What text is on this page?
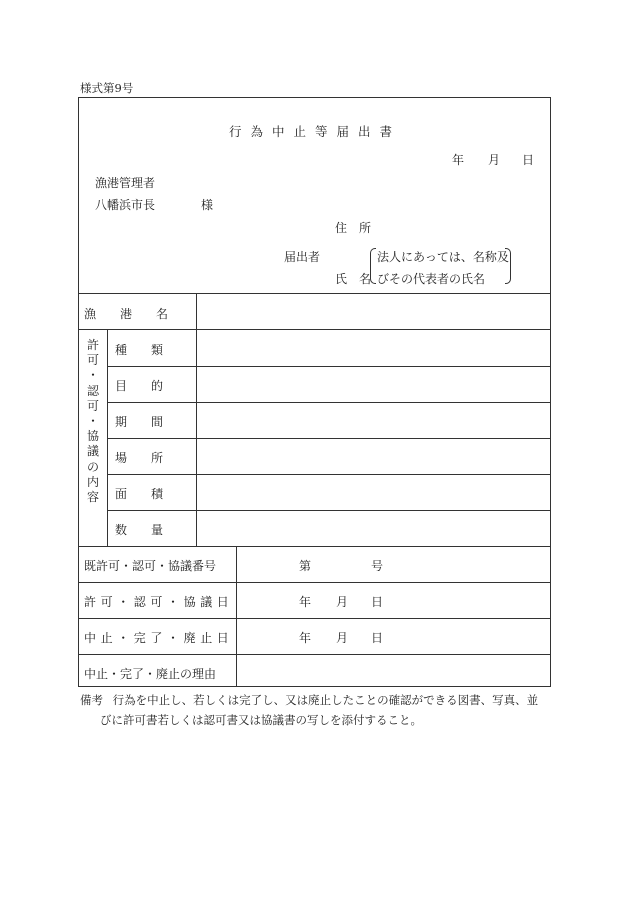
様式第9号
行為中止等届出書
年 月 日
漁港管理者
八幡浜市長	様
住　所
届出者
氏　名
法人にあっては、名称及
びその代表者の氏名
漁　　港　　名
許
可
・
認
可
・
協
議
の
内
容
種　　類
目　　的
期　　間
場　　所
面　　積
数　　量
既許可・認可・協議番号	第	号
許可・認可・協議日	年 月 日
中止・完了・廃止日	年 月 日
中止・完了・廃止の理由
備考 行為を中止し、若しくは完了し、又は廃止したことの確認ができる図書、写真、並
びに許可書若しくは認可書又は協議書の写しを添付すること。
